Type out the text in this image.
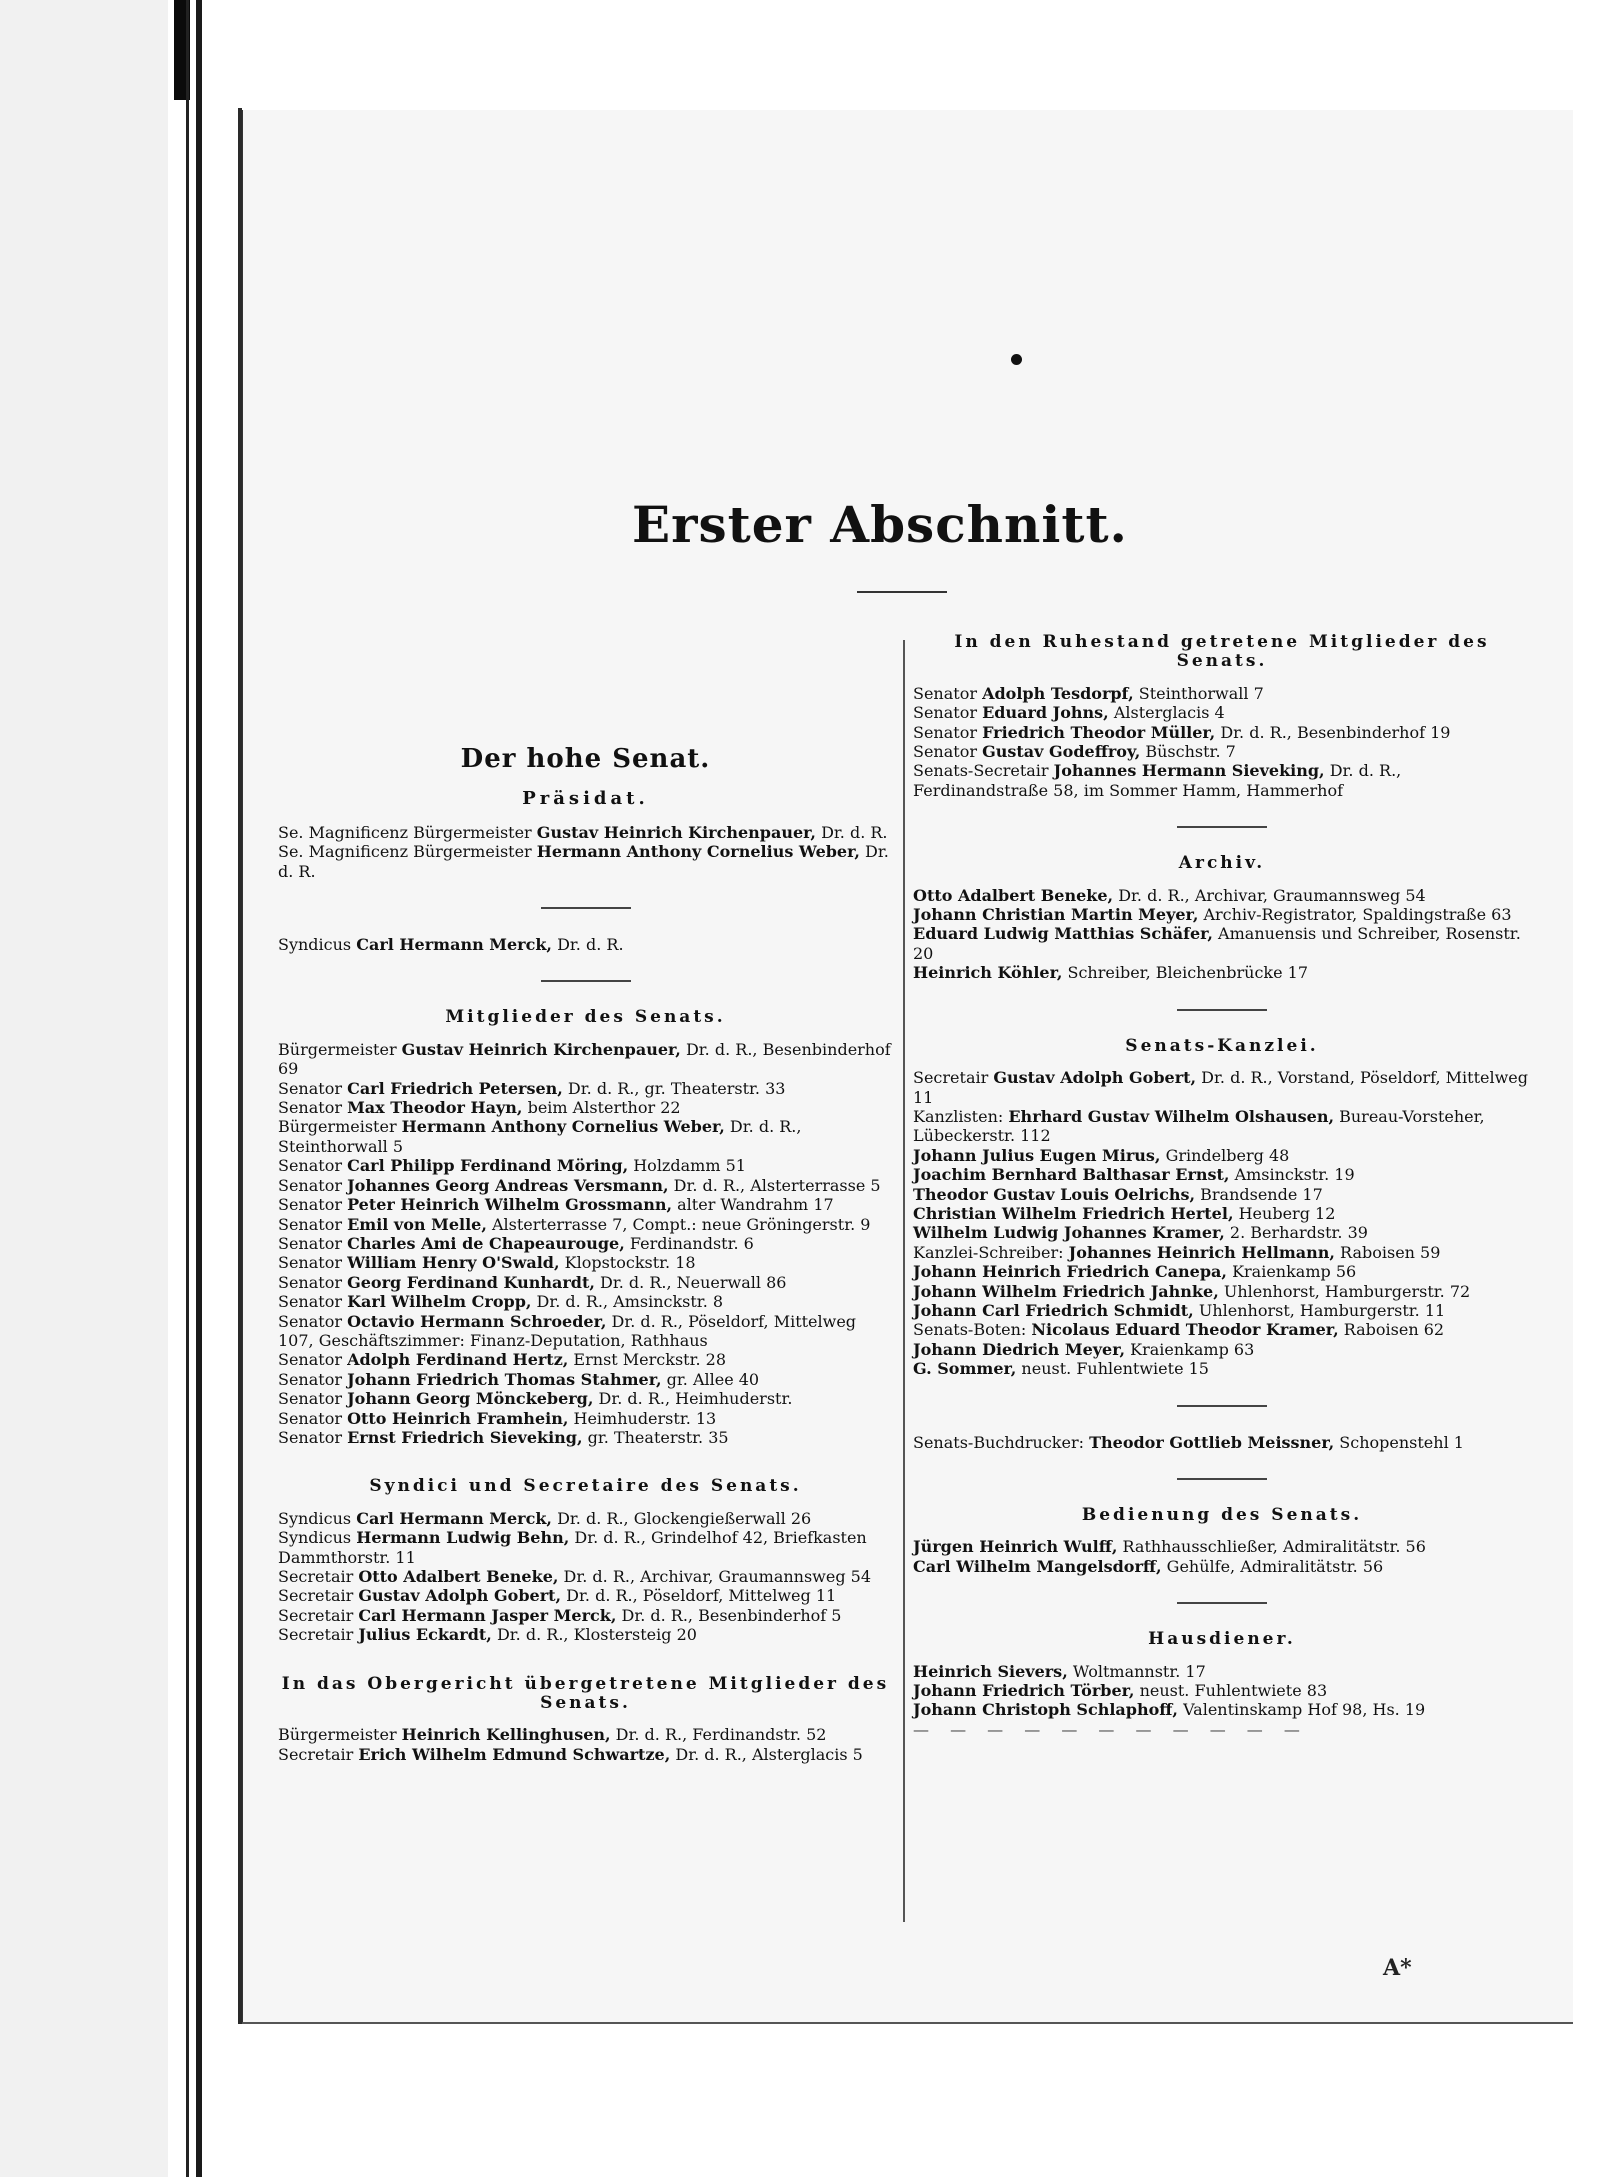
Erster Abschnitt.
Der hohe Senat.
Präsidat.

Se. Magnificenz Bürgermeister Gustav Heinrich Kirchenpauer, Dr. d. R.

Se. Magnificenz Bürgermeister Hermann Anthony Cornelius Weber, Dr. d. R.

Syndicus Carl Hermann Merck, Dr. d. R.

Mitglieder des Senats.

Bürgermeister Gustav Heinrich Kirchenpauer, Dr. d. R., Besenbinderhof 69

Senator Carl Friedrich Petersen, Dr. d. R., gr. Theaterstr. 33

Senator Max Theodor Hayn, beim Alsterthor 22

Bürgermeister Hermann Anthony Cornelius Weber, Dr. d. R., Steinthorwall 5

Senator Carl Philipp Ferdinand Möring, Holzdamm 51

Senator Johannes Georg Andreas Versmann, Dr. d. R., Alsterterrasse 5

Senator Peter Heinrich Wilhelm Grossmann, alter Wandrahm 17

Senator Emil von Melle, Alsterterrasse 7, Compt.: neue Gröningerstr. 9

Senator Charles Ami de Chapeaurouge, Ferdinandstr. 6

Senator William Henry O'Swald, Klopstockstr. 18

Senator Georg Ferdinand Kunhardt, Dr. d. R., Neuerwall 86

Senator Karl Wilhelm Cropp, Dr. d. R., Amsinckstr. 8

Senator Octavio Hermann Schroeder, Dr. d. R., Pöseldorf, Mittelweg 107, Geschäftszimmer: Finanz-Deputation, Rathhaus

Senator Adolph Ferdinand Hertz, Ernst Merckstr. 28

Senator Johann Friedrich Thomas Stahmer, gr. Allee 40

Senator Johann Georg Mönckeberg, Dr. d. R., Heimhuderstr.

Senator Otto Heinrich Framhein, Heimhuderstr. 13

Senator Ernst Friedrich Sieveking, gr. Theaterstr. 35

Syndici und Secretaire des Senats.

Syndicus Carl Hermann Merck, Dr. d. R., Glockengießerwall 26

Syndicus Hermann Ludwig Behn, Dr. d. R., Grindelhof 42, Briefkasten Dammthorstr. 11

Secretair Otto Adalbert Beneke, Dr. d. R., Archivar, Graumannsweg 54

Secretair Gustav Adolph Gobert, Dr. d. R., Pöseldorf, Mittelweg 11

Secretair Carl Hermann Jasper Merck, Dr. d. R., Besenbinderhof 5

Secretair Julius Eckardt, Dr. d. R., Klostersteig 20

In das Obergericht übergetretene Mitglieder des Senats.

Bürgermeister Heinrich Kellinghusen, Dr. d. R., Ferdinandstr. 52

Secretair Erich Wilhelm Edmund Schwartze, Dr. d. R., Alsterglacis 5

In den Ruhestand getretene Mitglieder des Senats.

Senator Adolph Tesdorpf, Steinthorwall 7

Senator Eduard Johns, Alsterglacis 4

Senator Friedrich Theodor Müller, Dr. d. R., Besenbinderhof 19

Senator Gustav Godeffroy, Büschstr. 7

Senats-Secretair Johannes Hermann Sieveking, Dr. d. R., Ferdinandstraße 58, im Sommer Hamm, Hammerhof

Archiv.

Otto Adalbert Beneke, Dr. d. R., Archivar, Graumannsweg 54

Johann Christian Martin Meyer, Archiv-Registrator, Spaldingstraße 63

Eduard Ludwig Matthias Schäfer, Amanuensis und Schreiber, Rosenstr. 20

Heinrich Köhler, Schreiber, Bleichenbrücke 17

Senats-Kanzlei.

Secretair Gustav Adolph Gobert, Dr. d. R., Vorstand, Pöseldorf, Mittelweg 11

Kanzlisten: Ehrhard Gustav Wilhelm Olshausen, Bureau-Vorsteher, Lübeckerstr. 112

Johann Julius Eugen Mirus, Grindelberg 48

Joachim Bernhard Balthasar Ernst, Amsinckstr. 19

Theodor Gustav Louis Oelrichs, Brandsende 17

Christian Wilhelm Friedrich Hertel, Heuberg 12

Wilhelm Ludwig Johannes Kramer, 2. Berhardstr. 39

Kanzlei-Schreiber: Johannes Heinrich Hellmann, Raboisen 59

Johann Heinrich Friedrich Canepa, Kraienkamp 56

Johann Wilhelm Friedrich Jahnke, Uhlenhorst, Hamburgerstr. 72

Johann Carl Friedrich Schmidt, Uhlenhorst, Hamburgerstr. 11

Senats-Boten: Nicolaus Eduard Theodor Kramer, Raboisen 62

Johann Diedrich Meyer, Kraienkamp 63

G. Sommer, neust. Fuhlentwiete 15

Senats-Buchdrucker: Theodor Gottlieb Meissner, Schopenstehl 1

Bedienung des Senats.

Jürgen Heinrich Wulff, Rathhausschließer, Admiralitätstr. 56

Carl Wilhelm Mangelsdorff, Gehülfe, Admiralitätstr. 56

Hausdiener.

Heinrich Sievers, Woltmannstr. 17

Johann Friedrich Törber, neust. Fuhlentwiete 83

Johann Christoph Schlaphoff, Valentinskamp Hof 98, Hs. 19

— — — — — — — — — — —
A*
